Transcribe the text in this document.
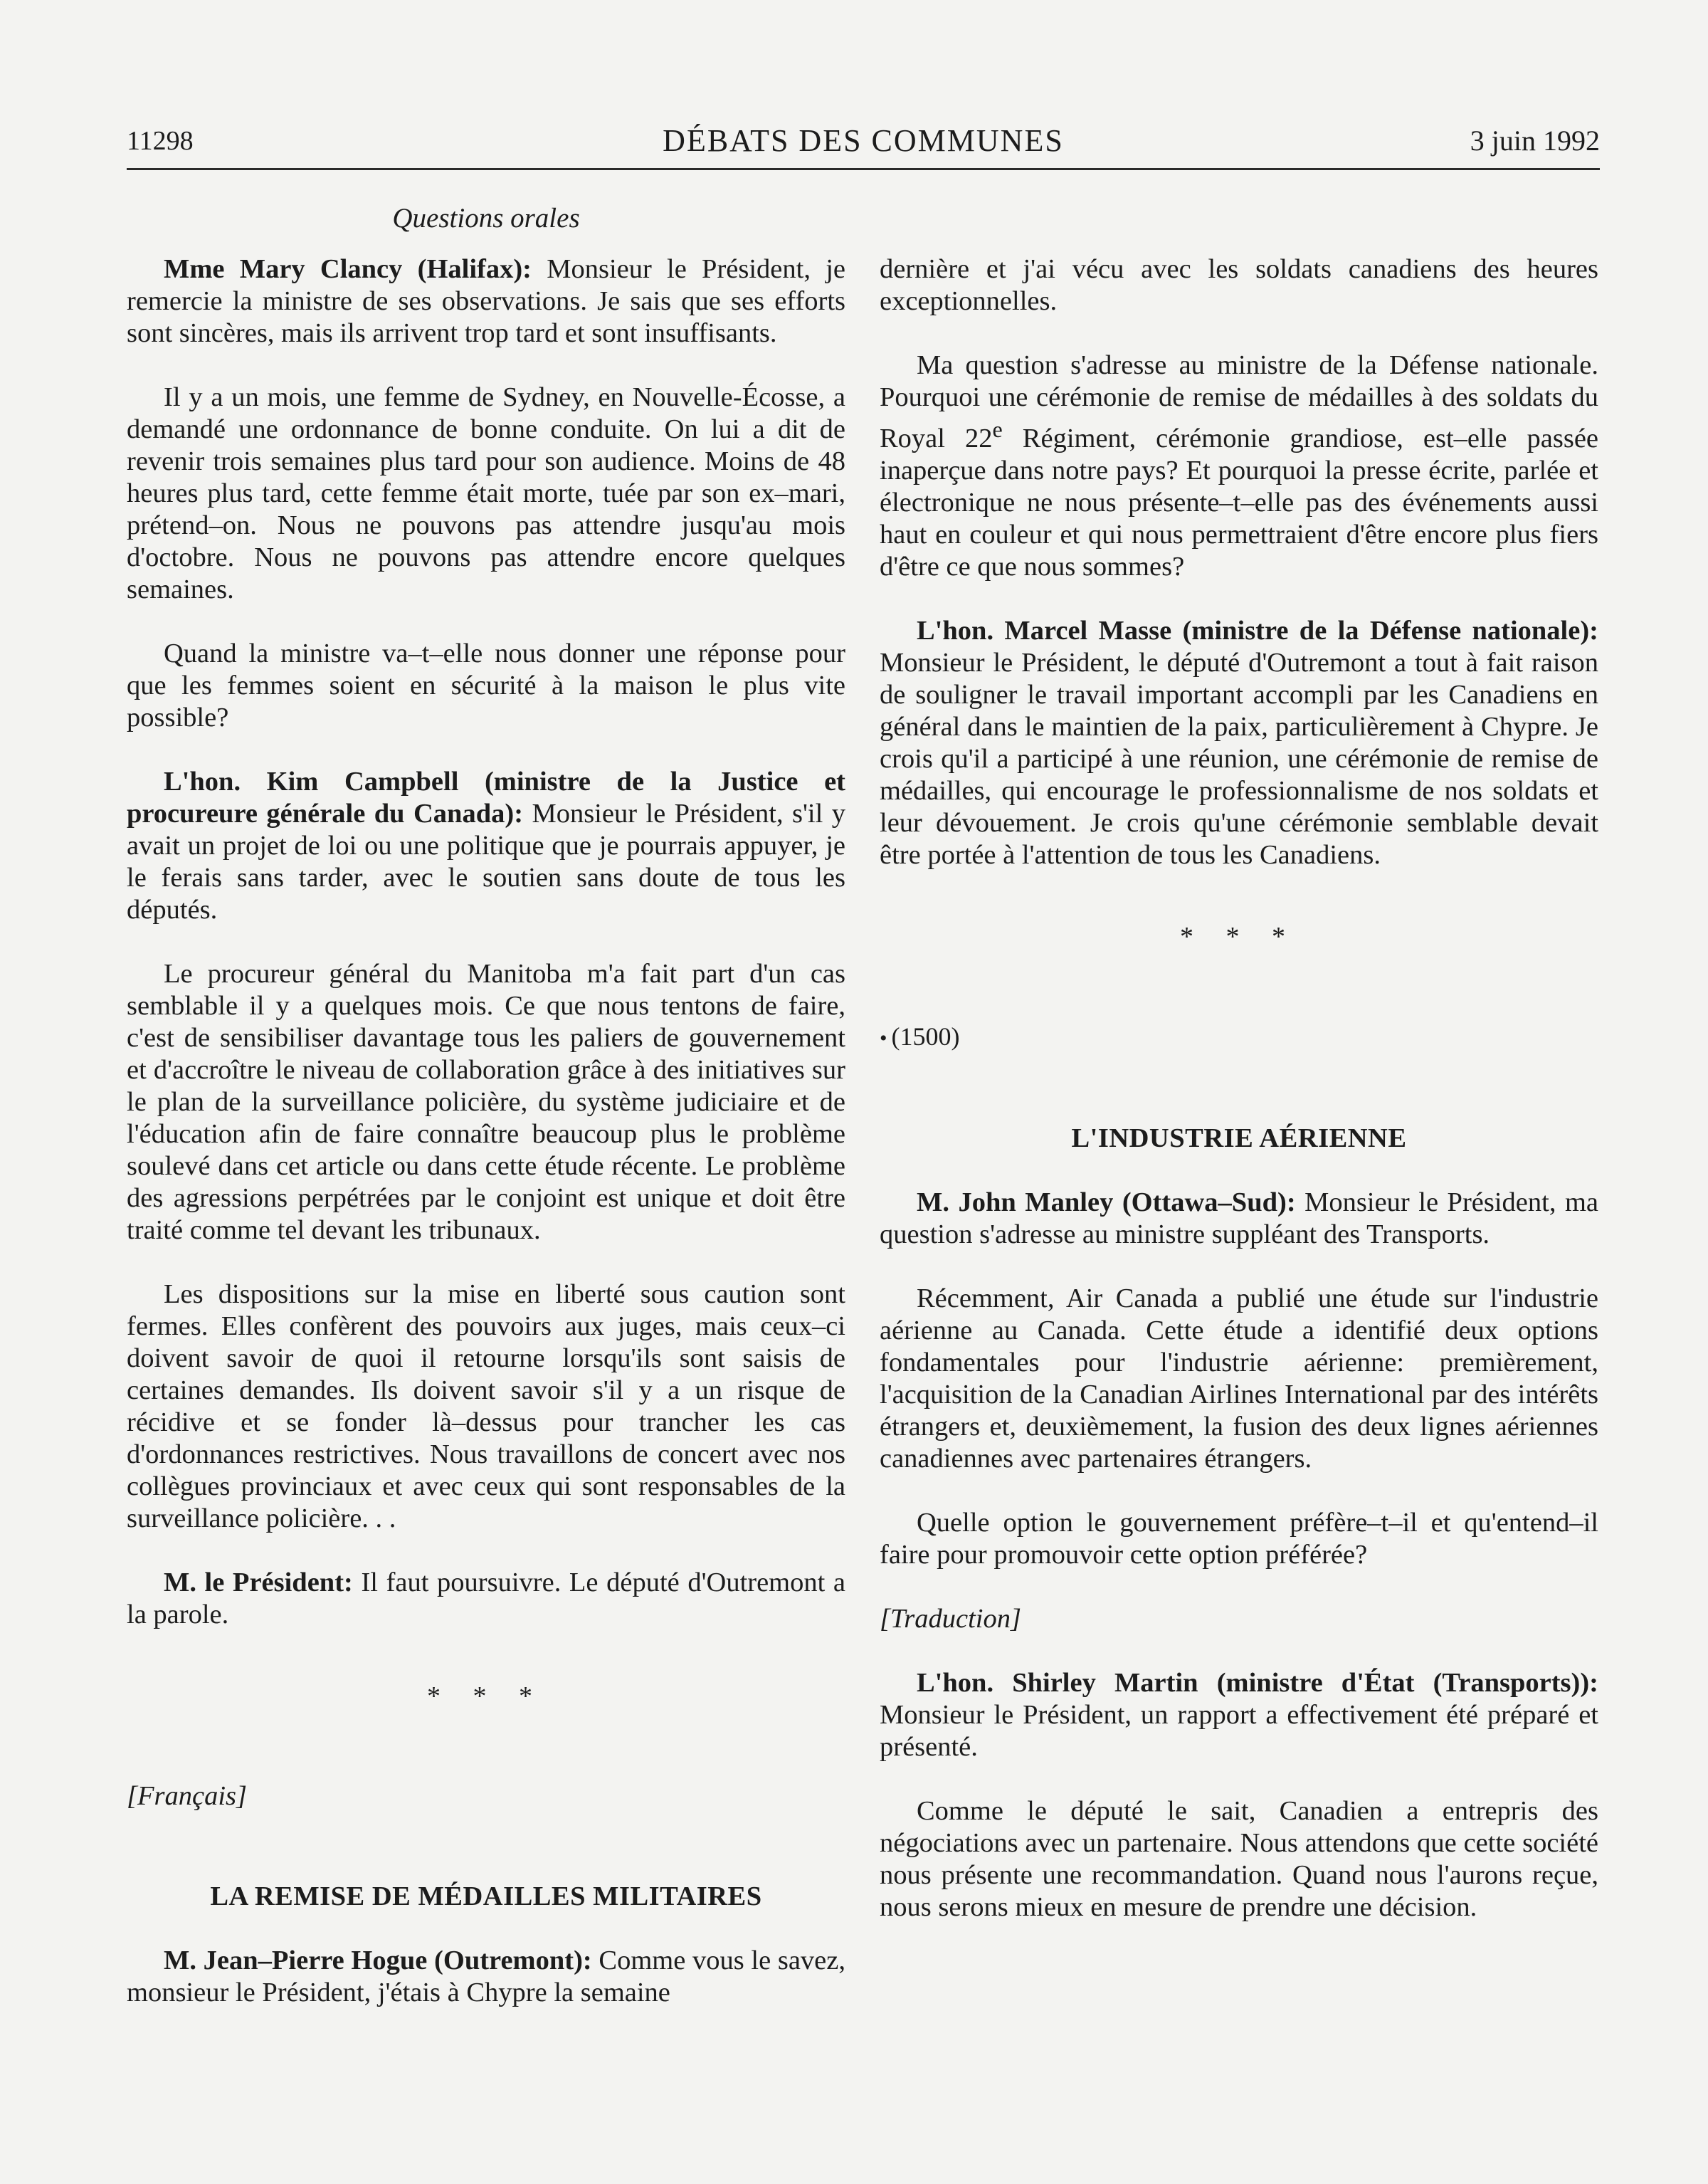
11298	DÉBATS DES COMMUNES	3 juin 1992
Questions orales

Mme Mary Clancy (Halifax): Monsieur le Président, je remercie la ministre de ses observations. Je sais que ses efforts sont sincères, mais ils arrivent trop tard et sont insuffisants.

Il y a un mois, une femme de Sydney, en Nouvelle-Écosse, a demandé une ordonnance de bonne conduite. On lui a dit de revenir trois semaines plus tard pour son audience. Moins de 48 heures plus tard, cette femme était morte, tuée par son ex–mari, prétend–on. Nous ne pouvons pas attendre jusqu'au mois d'octobre. Nous ne pouvons pas attendre encore quelques semaines.

Quand la ministre va–t–elle nous donner une réponse pour que les femmes soient en sécurité à la maison le plus vite possible?

L'hon. Kim Campbell (ministre de la Justice et procureure générale du Canada): Monsieur le Président, s'il y avait un projet de loi ou une politique que je pourrais appuyer, je le ferais sans tarder, avec le soutien sans doute de tous les députés.

Le procureur général du Manitoba m'a fait part d'un cas semblable il y a quelques mois. Ce que nous tentons de faire, c'est de sensibiliser davantage tous les paliers de gouvernement et d'accroître le niveau de collaboration grâce à des initiatives sur le plan de la surveillance policière, du système judiciaire et de l'éducation afin de faire connaître beaucoup plus le problème soulevé dans cet article ou dans cette étude récente. Le problème des agressions perpétrées par le conjoint est unique et doit être traité comme tel devant les tribunaux.

Les dispositions sur la mise en liberté sous caution sont fermes. Elles confèrent des pouvoirs aux juges, mais ceux–ci doivent savoir de quoi il retourne lorsqu'ils sont saisis de certaines demandes. Ils doivent savoir s'il y a un risque de récidive et se fonder là–dessus pour trancher les cas d'ordonnances restrictives. Nous travaillons de concert avec nos collègues provinciaux et avec ceux qui sont responsables de la surveillance policière. . .

M. le Président: Il faut poursuivre. Le député d'Outremont a la parole.

* * *
[Français]
LA REMISE DE MÉDAILLES MILITAIRES

M. Jean–Pierre Hogue (Outremont): Comme vous le savez, monsieur le Président, j'étais à Chypre la semaine

dernière et j'ai vécu avec les soldats canadiens des heures exceptionnelles.

Ma question s'adresse au ministre de la Défense nationale. Pourquoi une cérémonie de remise de médailles à des soldats du Royal 22e Régiment, cérémonie grandiose, est–elle passée inaperçue dans notre pays? Et pourquoi la presse écrite, parlée et électronique ne nous présente–t–elle pas des événements aussi haut en couleur et qui nous permettraient d'être encore plus fiers d'être ce que nous sommes?

L'hon. Marcel Masse (ministre de la Défense nationale): Monsieur le Président, le député d'Outremont a tout à fait raison de souligner le travail important accompli par les Canadiens en général dans le maintien de la paix, particulièrement à Chypre. Je crois qu'il a participé à une réunion, une cérémonie de remise de médailles, qui encourage le professionnalisme de nos soldats et leur dévouement. Je crois qu'une cérémonie semblable devait être portée à l'attention de tous les Canadiens.

* * *
• (1500)
L'INDUSTRIE AÉRIENNE

M. John Manley (Ottawa–Sud): Monsieur le Président, ma question s'adresse au ministre suppléant des Transports.

Récemment, Air Canada a publié une étude sur l'industrie aérienne au Canada. Cette étude a identifié deux options fondamentales pour l'industrie aérienne: premièrement, l'acquisition de la Canadian Airlines International par des intérêts étrangers et, deuxièmement, la fusion des deux lignes aériennes canadiennes avec partenaires étrangers.

Quelle option le gouvernement préfère–t–il et qu'entend–il faire pour promouvoir cette option préférée?

[Traduction]

L'hon. Shirley Martin (ministre d'État (Transports)): Monsieur le Président, un rapport a effectivement été préparé et présenté.

Comme le député le sait, Canadien a entrepris des négociations avec un partenaire. Nous attendons que cette société nous présente une recommandation. Quand nous l'aurons reçue, nous serons mieux en mesure de prendre une décision.
